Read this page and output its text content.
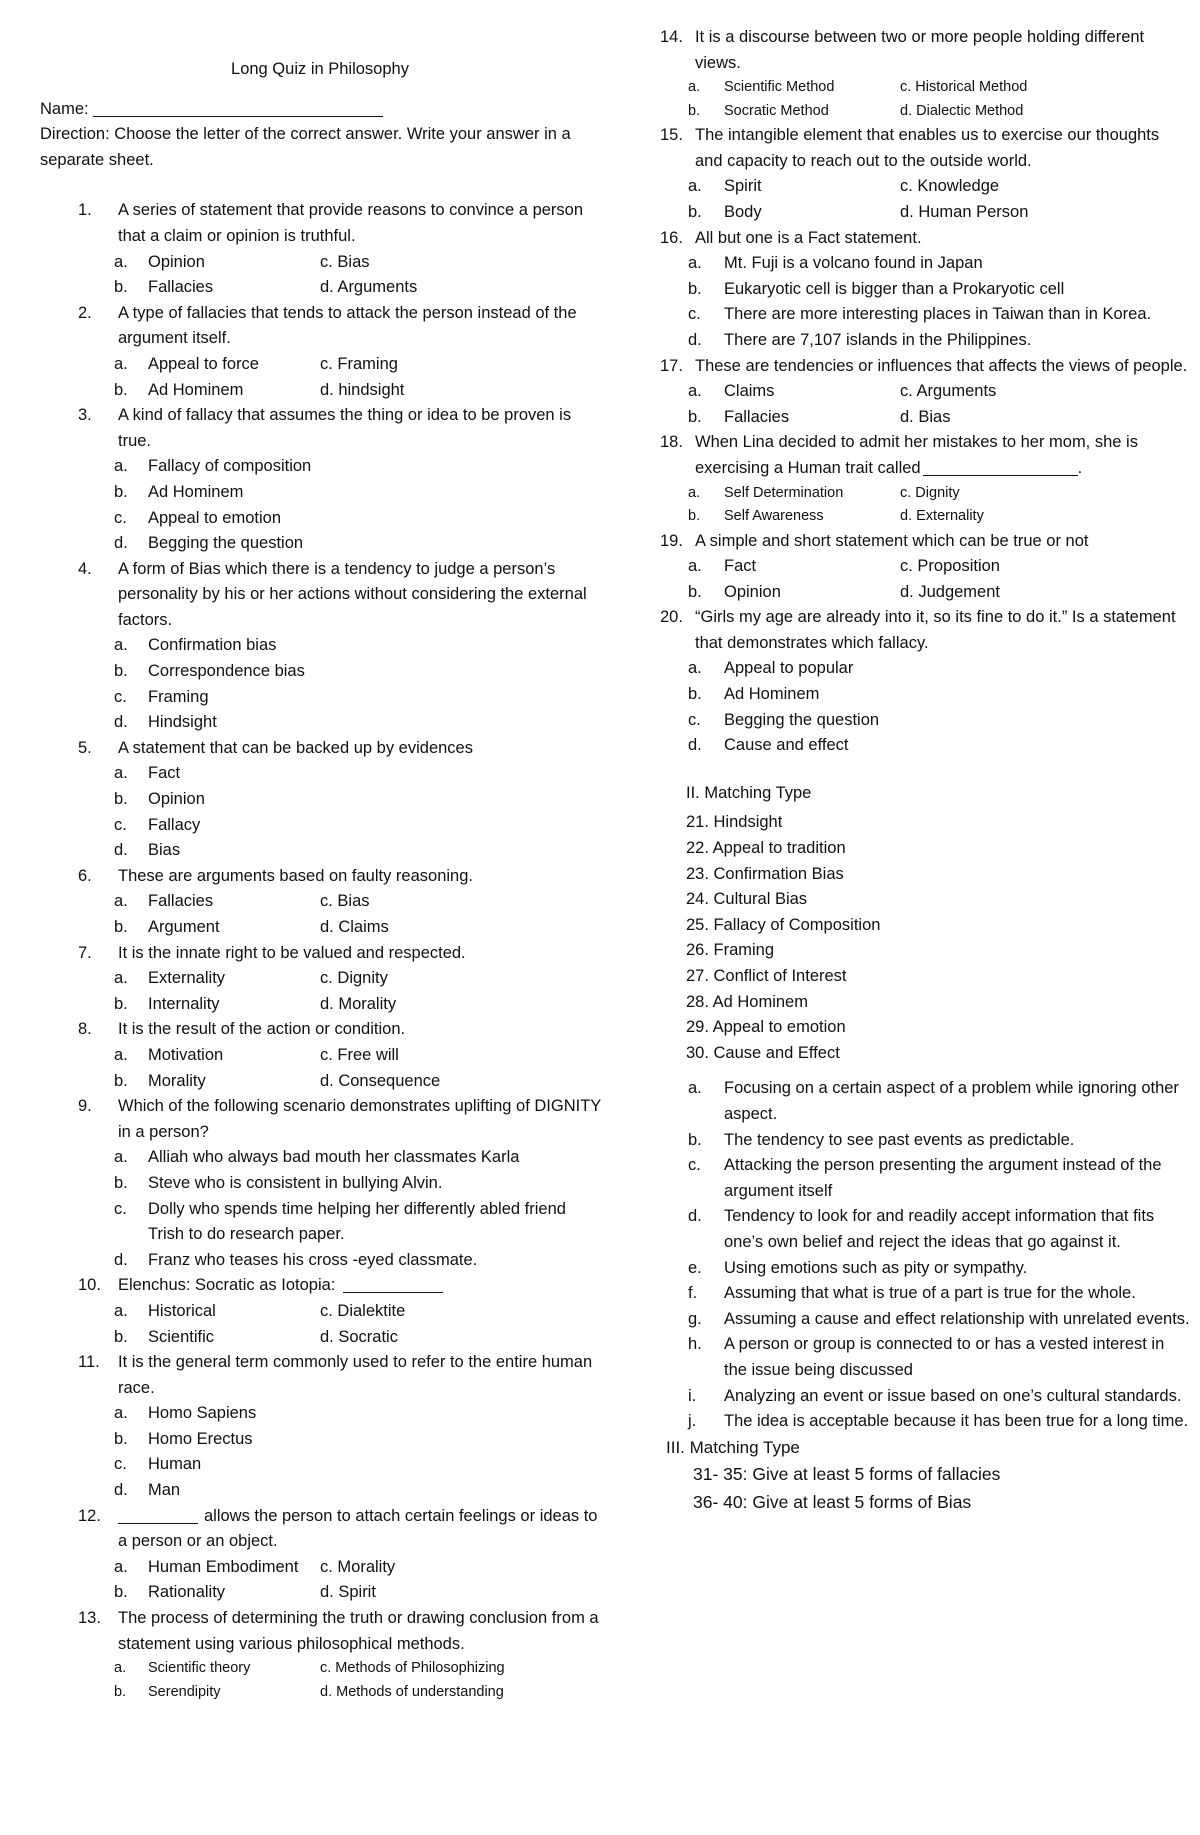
Long Quiz in Philosophy
Name:
Direction: Choose the letter of the correct answer. Write your answer in a separate sheet.
1. A series of statement that provide reasons to convince a person that a claim or opinion is truthful.
a. Opinion	c. Bias
b. Fallacies	d. Arguments
2. A type of fallacies that tends to attack the person instead of the argument itself.
a. Appeal to force	c. Framing
b. Ad Hominem	d. hindsight
3. A kind of fallacy that assumes the thing or idea to be proven is true.
a. Fallacy of composition
b. Ad Hominem
c. Appeal to emotion
d. Begging the question
4. A form of Bias which there is a tendency to judge a person’s personality by his or her actions without considering the external factors.
a. Confirmation bias
b. Correspondence bias
c. Framing
d. Hindsight
5. A statement that can be backed up by evidences
a. Fact
b. Opinion
c. Fallacy
d. Bias
6. These are arguments based on faulty reasoning.
a. Fallacies	c. Bias
b. Argument	d. Claims
7. It is the innate right to be valued and respected.
a. Externality	c. Dignity
b. Internality	d. Morality
8. It is the result of the action or condition.
a. Motivation	c. Free will
b. Morality	d. Consequence
9. Which of the following scenario demonstrates uplifting of DIGNITY in a person?
a. Alliah who always bad mouth her classmates Karla
b. Steve who is consistent in bullying Alvin.
c. Dolly who spends time helping her differently abled friend Trish to do research paper.
d. Franz who teases his cross -eyed classmate.
10. Elenchus: Socratic as Iotopia:
a. Historical	c. Dialektite
b. Scientific	d. Socratic
11. It is the general term commonly used to refer to the entire human race.
a. Homo Sapiens
b. Homo Erectus
c. Human
d. Man
12.	allows the person to attach certain feelings or ideas to a person or an object.
a. Human Embodiment	c. Morality
b. Rationality	d. Spirit
13. The process of determining the truth or drawing conclusion from a statement using various philosophical methods.
a. Scientific theory	c. Methods of Philosophizing
b. Serendipity	d. Methods of understanding
14. It is a discourse between two or more people holding different views.
a. Scientific Method	c. Historical Method
b. Socratic Method	d. Dialectic Method
15. The intangible element that enables us to exercise our thoughts and capacity to reach out to the outside world.
a. Spirit	c. Knowledge
b. Body	d. Human Person
16. All but one is a Fact statement.
a. Mt. Fuji is a volcano found in Japan
b. Eukaryotic cell is bigger than a Prokaryotic cell
c. There are more interesting places in Taiwan than in Korea.
d. There are 7,107 islands in the Philippines.
17. These are tendencies or influences that affects the views of people.
a. Claims	c. Arguments
b. Fallacies	d. Bias
18. When Lina decided to admit her mistakes to her mom, she is exercising a Human trait called	.
a. Self Determination	c. Dignity
b. Self Awareness	d. Externality
19. A simple and short statement which can be true or not
a. Fact	c. Proposition
b. Opinion	d. Judgement
20. “Girls my age are already into it, so its fine to do it.” Is a statement that demonstrates which fallacy.
a. Appeal to popular
b. Ad Hominem
c. Begging the question
d. Cause and effect
II. Matching Type
21. Hindsight
22. Appeal to tradition
23. Confirmation Bias
24. Cultural Bias
25. Fallacy of Composition
26. Framing
27. Conflict of Interest
28. Ad Hominem
29. Appeal to emotion
30. Cause and Effect
a. Focusing on a certain aspect of a problem while ignoring other aspect.
b. The tendency to see past events as predictable.
c. Attacking the person presenting the argument instead of the argument itself
d. Tendency to look for and readily accept information that fits one’s own belief and reject the ideas that go against it.
e. Using emotions such as pity or sympathy.
f. Assuming that what is true of a part is true for the whole.
g. Assuming a cause and effect relationship with unrelated events.
h. A person or group is connected to or has a vested interest in the issue being discussed
i. Analyzing an event or issue based on one’s cultural standards.
j. The idea is acceptable because it has been true for a long time.
III. Matching Type
31- 35: Give at least 5 forms of fallacies
36- 40: Give at least 5 forms of Bias
